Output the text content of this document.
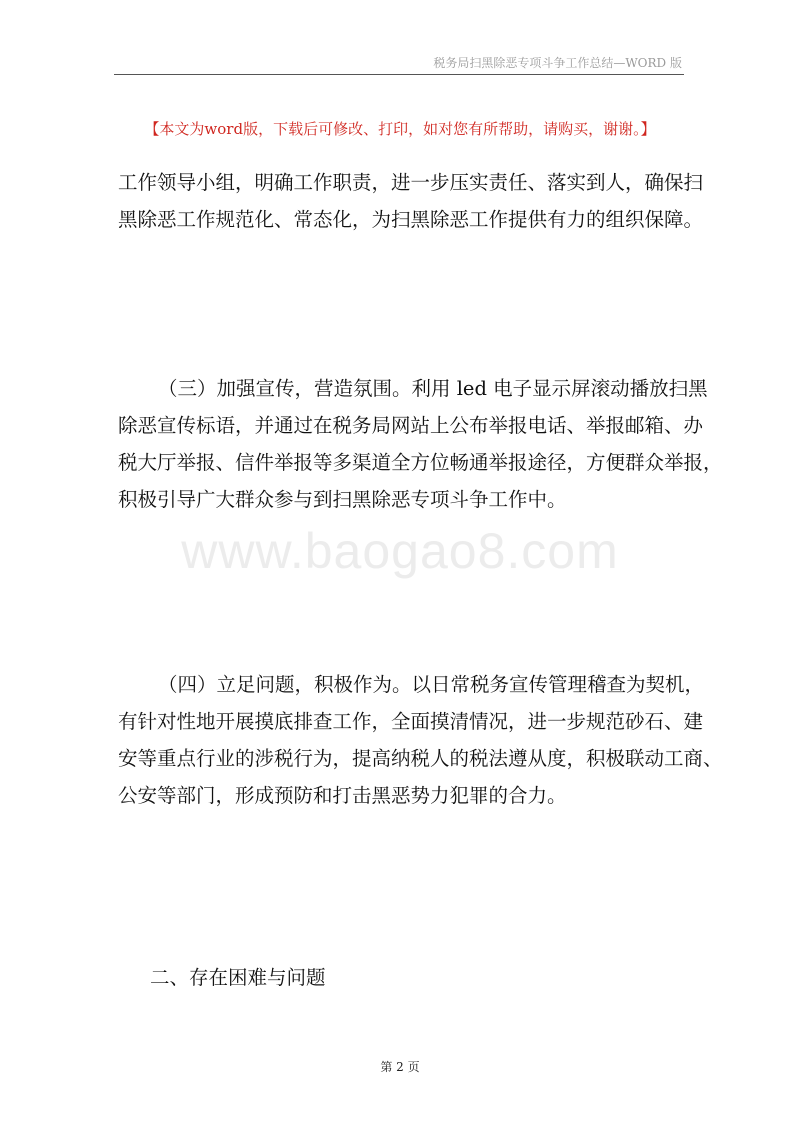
税务局扫黑除恶专项斗争工作总结—WORD 版
【本文为word版，下载后可修改、打印，如对您有所帮助，请购买，谢谢。】
工作领导小组，明确工作职责，进一步压实责任、落实到人，确保扫
黑除恶工作规范化、常态化，为扫黑除恶工作提供有力的组织保障。
www.baogao8.com
（三）加强宣传，营造氛围。利用 led 电子显示屏滚动播放扫黑
除恶宣传标语，并通过在税务局网站上公布举报电话、举报邮箱、办
税大厅举报、信件举报等多渠道全方位畅通举报途径，方便群众举报，
积极引导广大群众参与到扫黑除恶专项斗争工作中。
（四）立足问题，积极作为。以日常税务宣传管理稽查为契机，
有针对性地开展摸底排查工作，全面摸清情况，进一步规范砂石、建
安等重点行业的涉税行为，提高纳税人的税法遵从度，积极联动工商、
公安等部门，形成预防和打击黑恶势力犯罪的合力。
二、存在困难与问题
第 2 页
